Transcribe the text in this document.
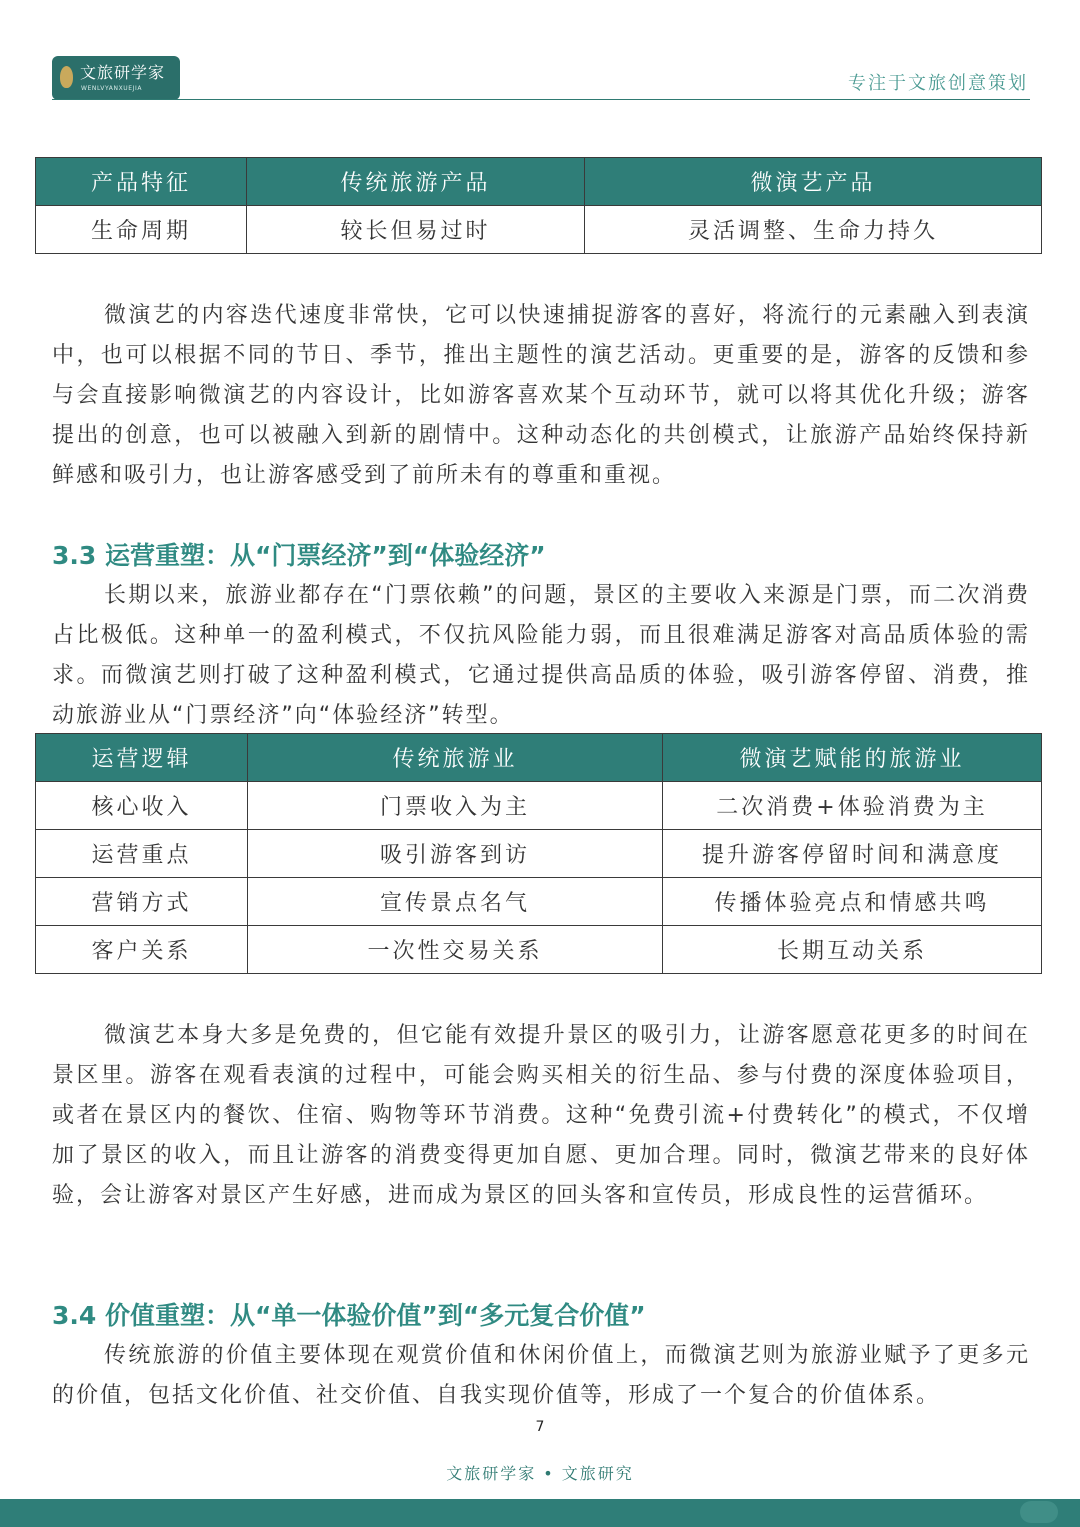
文旅研学家
WENLVYANXUEJIA	专注于文旅创意策划
产品特征	传统旅游产品	微演艺产品
生命周期	较长但易过时	灵活调整、生命力持久

微演艺的内容迭代速度非常快，它可以快速捕捉游客的喜好，将流行的元素融入到表演中，也可以根据不同的节日、季节，推出主题性的演艺活动。更重要的是，游客的反馈和参与会直接影响微演艺的内容设计，比如游客喜欢某个互动环节，就可以将其优化升级；游客提出的创意，也可以被融入到新的剧情中。这种动态化的共创模式，让旅游产品始终保持新鲜感和吸引力，也让游客感受到了前所未有的尊重和重视。

3.3 运营重塑：从“门票经济”到“体验经济”

长期以来，旅游业都存在“门票依赖”的问题，景区的主要收入来源是门票，而二次消费占比极低。这种单一的盈利模式，不仅抗风险能力弱，而且很难满足游客对高品质体验的需求。而微演艺则打破了这种盈利模式，它通过提供高品质的体验，吸引游客停留、消费，推动旅游业从“门票经济”向“体验经济”转型。

运营逻辑	传统旅游业	微演艺赋能的旅游业
核心收入	门票收入为主	二次消费+体验消费为主
运营重点	吸引游客到访	提升游客停留时间和满意度
营销方式	宣传景点名气	传播体验亮点和情感共鸣
客户关系	一次性交易关系	长期互动关系

微演艺本身大多是免费的，但它能有效提升景区的吸引力，让游客愿意花更多的时间在景区里。游客在观看表演的过程中，可能会购买相关的衍生品、参与付费的深度体验项目，或者在景区内的餐饮、住宿、购物等环节消费。这种“免费引流+付费转化”的模式，不仅增加了景区的收入，而且让游客的消费变得更加自愿、更加合理。同时，微演艺带来的良好体验，会让游客对景区产生好感，进而成为景区的回头客和宣传员，形成良性的运营循环。

3.4 价值重塑：从“单一体验价值”到“多元复合价值”

传统旅游的价值主要体现在观赏价值和休闲价值上，而微演艺则为旅游业赋予了更多元的价值，包括文化价值、社交价值、自我实现价值等，形成了一个复合的价值体系。

7
文旅研学家 • 文旅研究
